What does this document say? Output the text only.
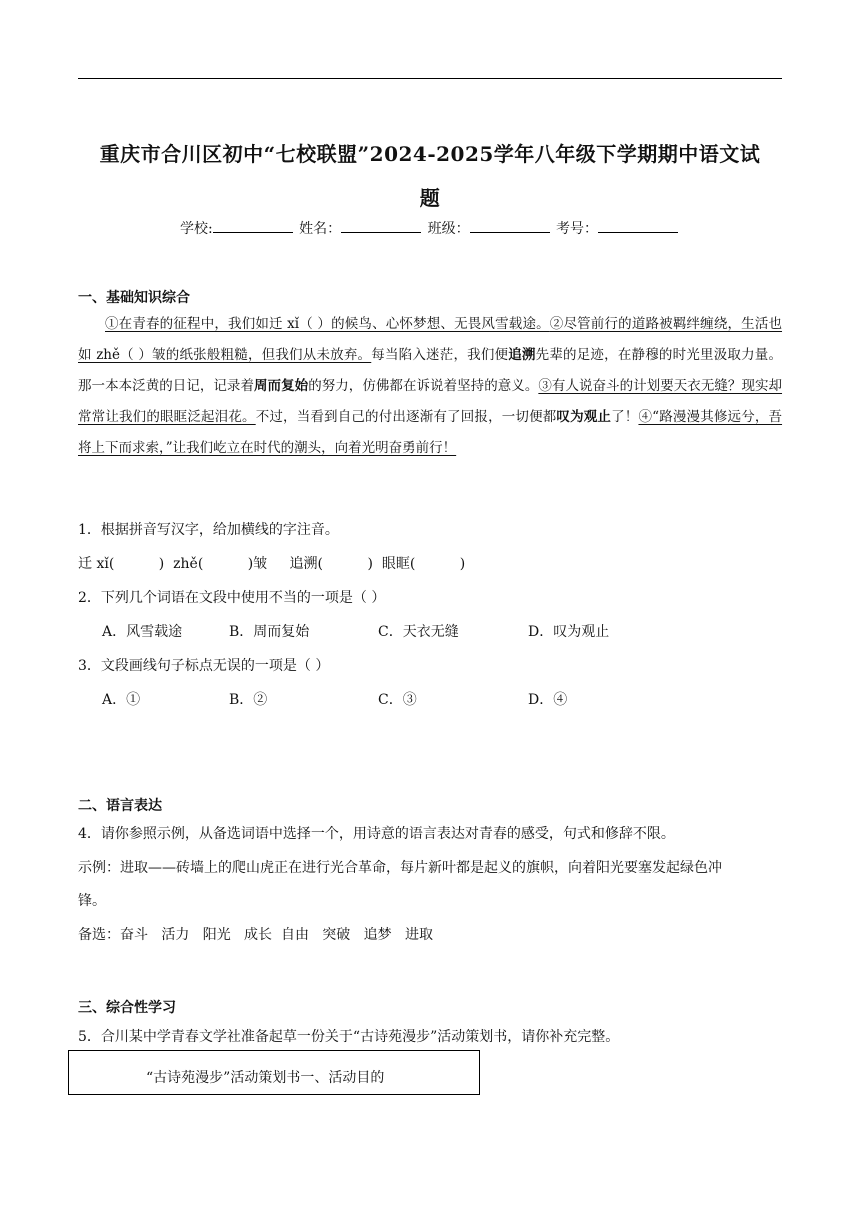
重庆市合川区初中“七校联盟”2024-2025学年八年级下学期期中语文试
题
学校:	姓名：	班级：	考号：
一、基础知识综合
①在青春的征程中，我们如迁 xǐ（ ）的候鸟、心怀梦想、无畏风雪载途。②尽管前行的道路被羁绊缠绕，生活也如 zhě（ ）皱的纸张般粗糙，但我们从未放弃。每当陷入迷茫，我们便追溯先辈的足迹，在静穆的时光里汲取力量。那一本本泛黄的日记，记录着周而复始的努力，仿佛都在诉说着坚持的意义。③有人说奋斗的计划要天衣无缝？现实却常常让我们的眼眶泛起泪花。不过，当看到自己的付出逐渐有了回报，一切便都叹为观止了！④“路漫漫其修远兮，吾将上下而求索，”让我们屹立在时代的潮头，向着光明奋勇前行！
1．根据拼音写汉字，给加横线的字注音。
迁 xǐ(          )  zhě(          )皱     追溯(          )  眼眶(          )
2．下列几个词语在文段中使用不当的一项是（ ）
A．风雪载途	B．周而复始	C．天衣无缝	D．叹为观止
3．文段画线句子标点无误的一项是（ ）
A．①	B．②	C．③	D．④
二、语言表达
4．请你参照示例，从备选词语中选择一个，用诗意的语言表达对青春的感受，句式和修辞不限。
示例：进取——砖墙上的爬山虎正在进行光合革命，每片新叶都是起义的旗帜，向着阳光要塞发起绿色冲
锋。
备选：奋斗   活力   阳光   成长  自由   突破   追梦   进取
三、综合性学习
5．合川某中学青春文学社准备起草一份关于“古诗苑漫步”活动策划书，请你补充完整。
“古诗苑漫步”活动策划书一、活动目的
